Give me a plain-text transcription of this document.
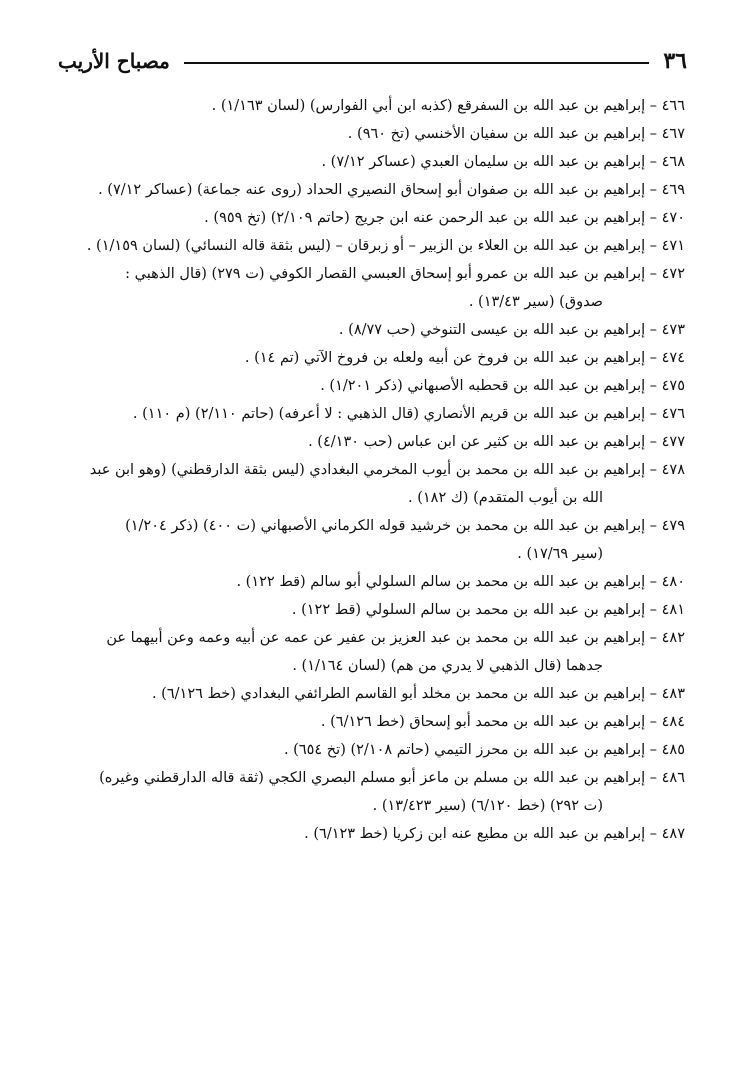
٣٦
مصباح الأريب
٤٦٦ – إبراهيم بن عبد الله بن السفرقع (كذبه ابن أبي الفوارس) (لسان ١/١٦٣) .
٤٦٧ – إبراهيم بن عبد الله بن سفيان الأخنسي (تخ ٩٦٠) .
٤٦٨ – إبراهيم بن عبد الله بن سليمان العبدي (عساكر ٧/١٢) .
٤٦٩ – إبراهيم بن عبد الله بن صفوان أبو إسحاق النصيري الحداد (روى عنه جماعة) (عساكر ٧/١٢) .
٤٧٠ – إبراهيم بن عبد الله بن عبد الرحمن عنه ابن جريج (حاتم ٢/١٠٩) (تخ ٩٥٩) .
٤٧١ – إبراهيم بن عبد الله بن العلاء بن الزبير – أو زبرقان – (ليس بثقة قاله النسائي) (لسان ١/١٥٩) .
٤٧٢ – إبراهيم بن عبد الله بن عمرو أبو إسحاق العبسي القصار الكوفي (ت ٢٧٩) (قال الذهبي :
صدوق) (سير ١٣/٤٣) .
٤٧٣ – إبراهيم بن عبد الله بن عيسى التنوخي (حب ٨/٧٧) .
٤٧٤ – إبراهيم بن عبد الله بن فروخ عن أبيه ولعله بن فروخ الآتي (تم ١٤) .
٤٧٥ – إبراهيم بن عبد الله بن قحطبه الأصبهاني (ذكر ١/٢٠١) .
٤٧٦ – إبراهيم بن عبد الله بن قريم الأنصاري (قال الذهبي : لا أعرفه) (حاتم ٢/١١٠) (م ١١٠) .
٤٧٧ – إبراهيم بن عبد الله بن كثير عن ابن عباس (حب ٤/١٣٠) .
٤٧٨ – إبراهيم بن عبد الله بن محمد بن أيوب المخرمي البغدادي (ليس بثقة الدارقطني) (وهو ابن عبد
الله بن أيوب المتقدم) (ك ١٨٢) .
٤٧٩ – إبراهيم بن عبد الله بن محمد بن خرشيد قوله الكرماني الأصبهاني (ت ٤٠٠) (ذكر ١/٢٠٤)
(سير ١٧/٦٩) .
٤٨٠ – إبراهيم بن عبد الله بن محمد بن سالم السلولي أبو سالم (قط ١٢٢) .
٤٨١ – إبراهيم بن عبد الله بن محمد بن سالم السلولي (قط ١٢٢) .
٤٨٢ – إبراهيم بن عبد الله بن محمد بن عبد العزيز بن عفير عن عمه عن أبيه وعمه وعن أبيهما عن
جدهما (قال الذهبي لا يدري من هم) (لسان ١/١٦٤) .
٤٨٣ – إبراهيم بن عبد الله بن محمد بن مخلد أبو القاسم الطرائفي البغدادي (خط ٦/١٢٦) .
٤٨٤ – إبراهيم بن عبد الله بن محمد أبو إسحاق (خط ٦/١٢٦) .
٤٨٥ – إبراهيم بن عبد الله بن محرز التيمي (حاتم ٢/١٠٨) (تخ ٦٥٤) .
٤٨٦ – إبراهيم بن عبد الله بن مسلم بن ماعز أبو مسلم البصري الكجي (ثقة قاله الدارقطني وغيره)
(ت ٢٩٢) (خط ٦/١٢٠) (سير ١٣/٤٢٣) .
٤٨٧ – إبراهيم بن عبد الله بن مطيع عنه ابن زكريا (خط ٦/١٢٣) .
